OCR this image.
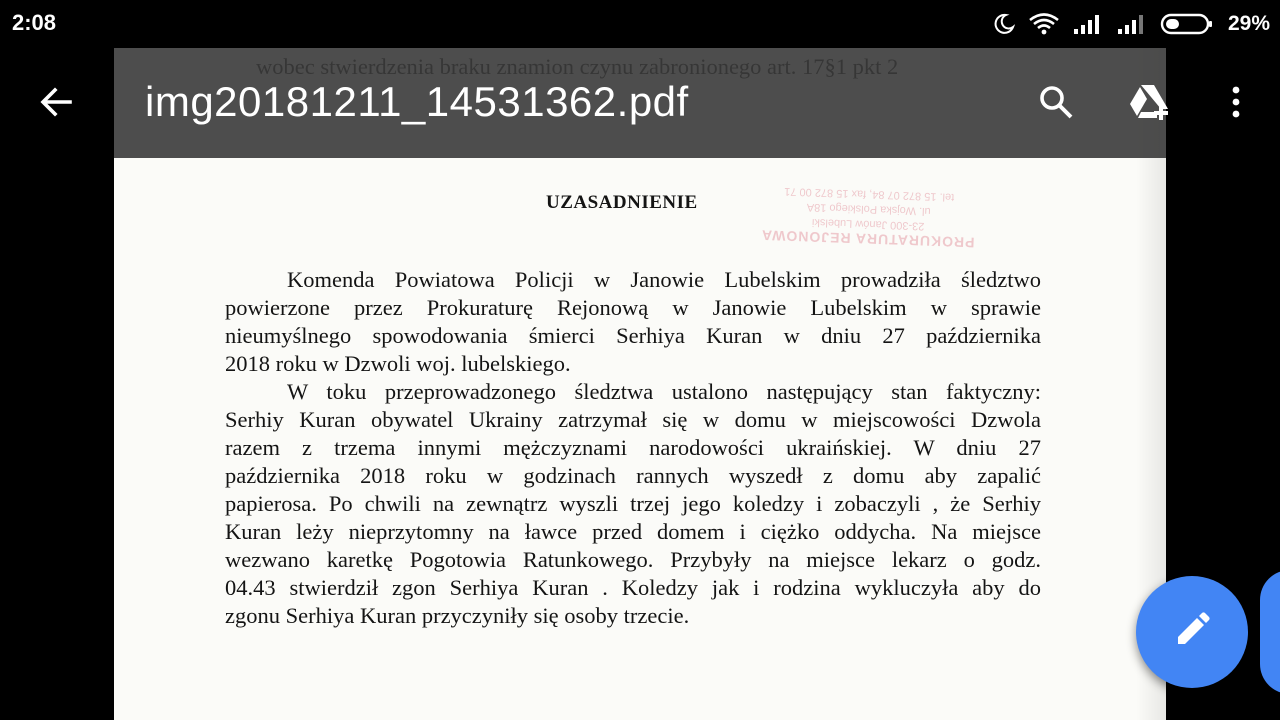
2:08	29%
PROKURATURA REJONOWA
23-300 Janów Lubelski
ul. Wojska Polskiego 18A
tel. 15 872 07 84, fax 15 872 00 71
UZASADNIENIE
Komenda Powiatowa Policji w Janowie Lubelskim prowadziła śledztwo
powierzone przez Prokuraturę Rejonową w Janowie Lubelskim w sprawie
nieumyślnego spowodowania śmierci Serhiya Kuran w dniu 27 października
2018 roku w Dzwoli woj. lubelskiego.
W toku przeprowadzonego śledztwa ustalono następujący stan faktyczny:
Serhiy Kuran obywatel Ukrainy zatrzymał się w domu w miejscowości Dzwola
razem z trzema innymi mężczyznami narodowości ukraińskiej. W dniu 27
października 2018 roku w godzinach rannych wyszedł z domu aby zapalić
papierosa. Po chwili na zewnątrz wyszli trzej jego koledzy i zobaczyli , że Serhiy
Kuran leży nieprzytomny na ławce przed domem i ciężko oddycha. Na miejsce
wezwano karetkę Pogotowia Ratunkowego. Przybyły na miejsce lekarz o godz.
04.43 stwierdził zgon Serhiya Kuran . Koledzy jak i rodzina wykluczyła aby do
zgonu Serhiya Kuran przyczyniły się osoby trzecie.
img20181211_14531362.pdf
